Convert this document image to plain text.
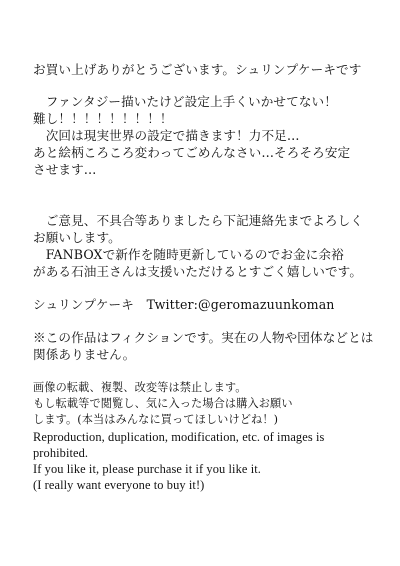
お買い上げありがとうございます。シュリンプケーキです
　ファンタジー描いたけど設定上手くいかせてない！
難し！！！！！！！！！
　次回は現実世界の設定で描きます！力不足…
あと絵柄ころころ変わってごめんなさい…そろそろ安定
させます…
　ご意見、不具合等ありましたら下記連絡先までよろしく
お願いします。
　FANBOXで新作を随時更新しているのでお金に余裕
がある石油王さんは支援いただけるとすごく嬉しいです。
シュリンプケーキ　Twitter:@geromazuunkoman
※この作品はフィクションです。実在の人物や団体などとは
関係ありません。
画像の転載、複製、改変等は禁止します。
もし転載等で閲覧し、気に入った場合は購入お願い
します。(本当はみんなに買ってほしいけどね！)
Reproduction, duplication, modification, etc. of images is
prohibited.
If you like it, please purchase it if you like it.
(I really want everyone to buy it!)
